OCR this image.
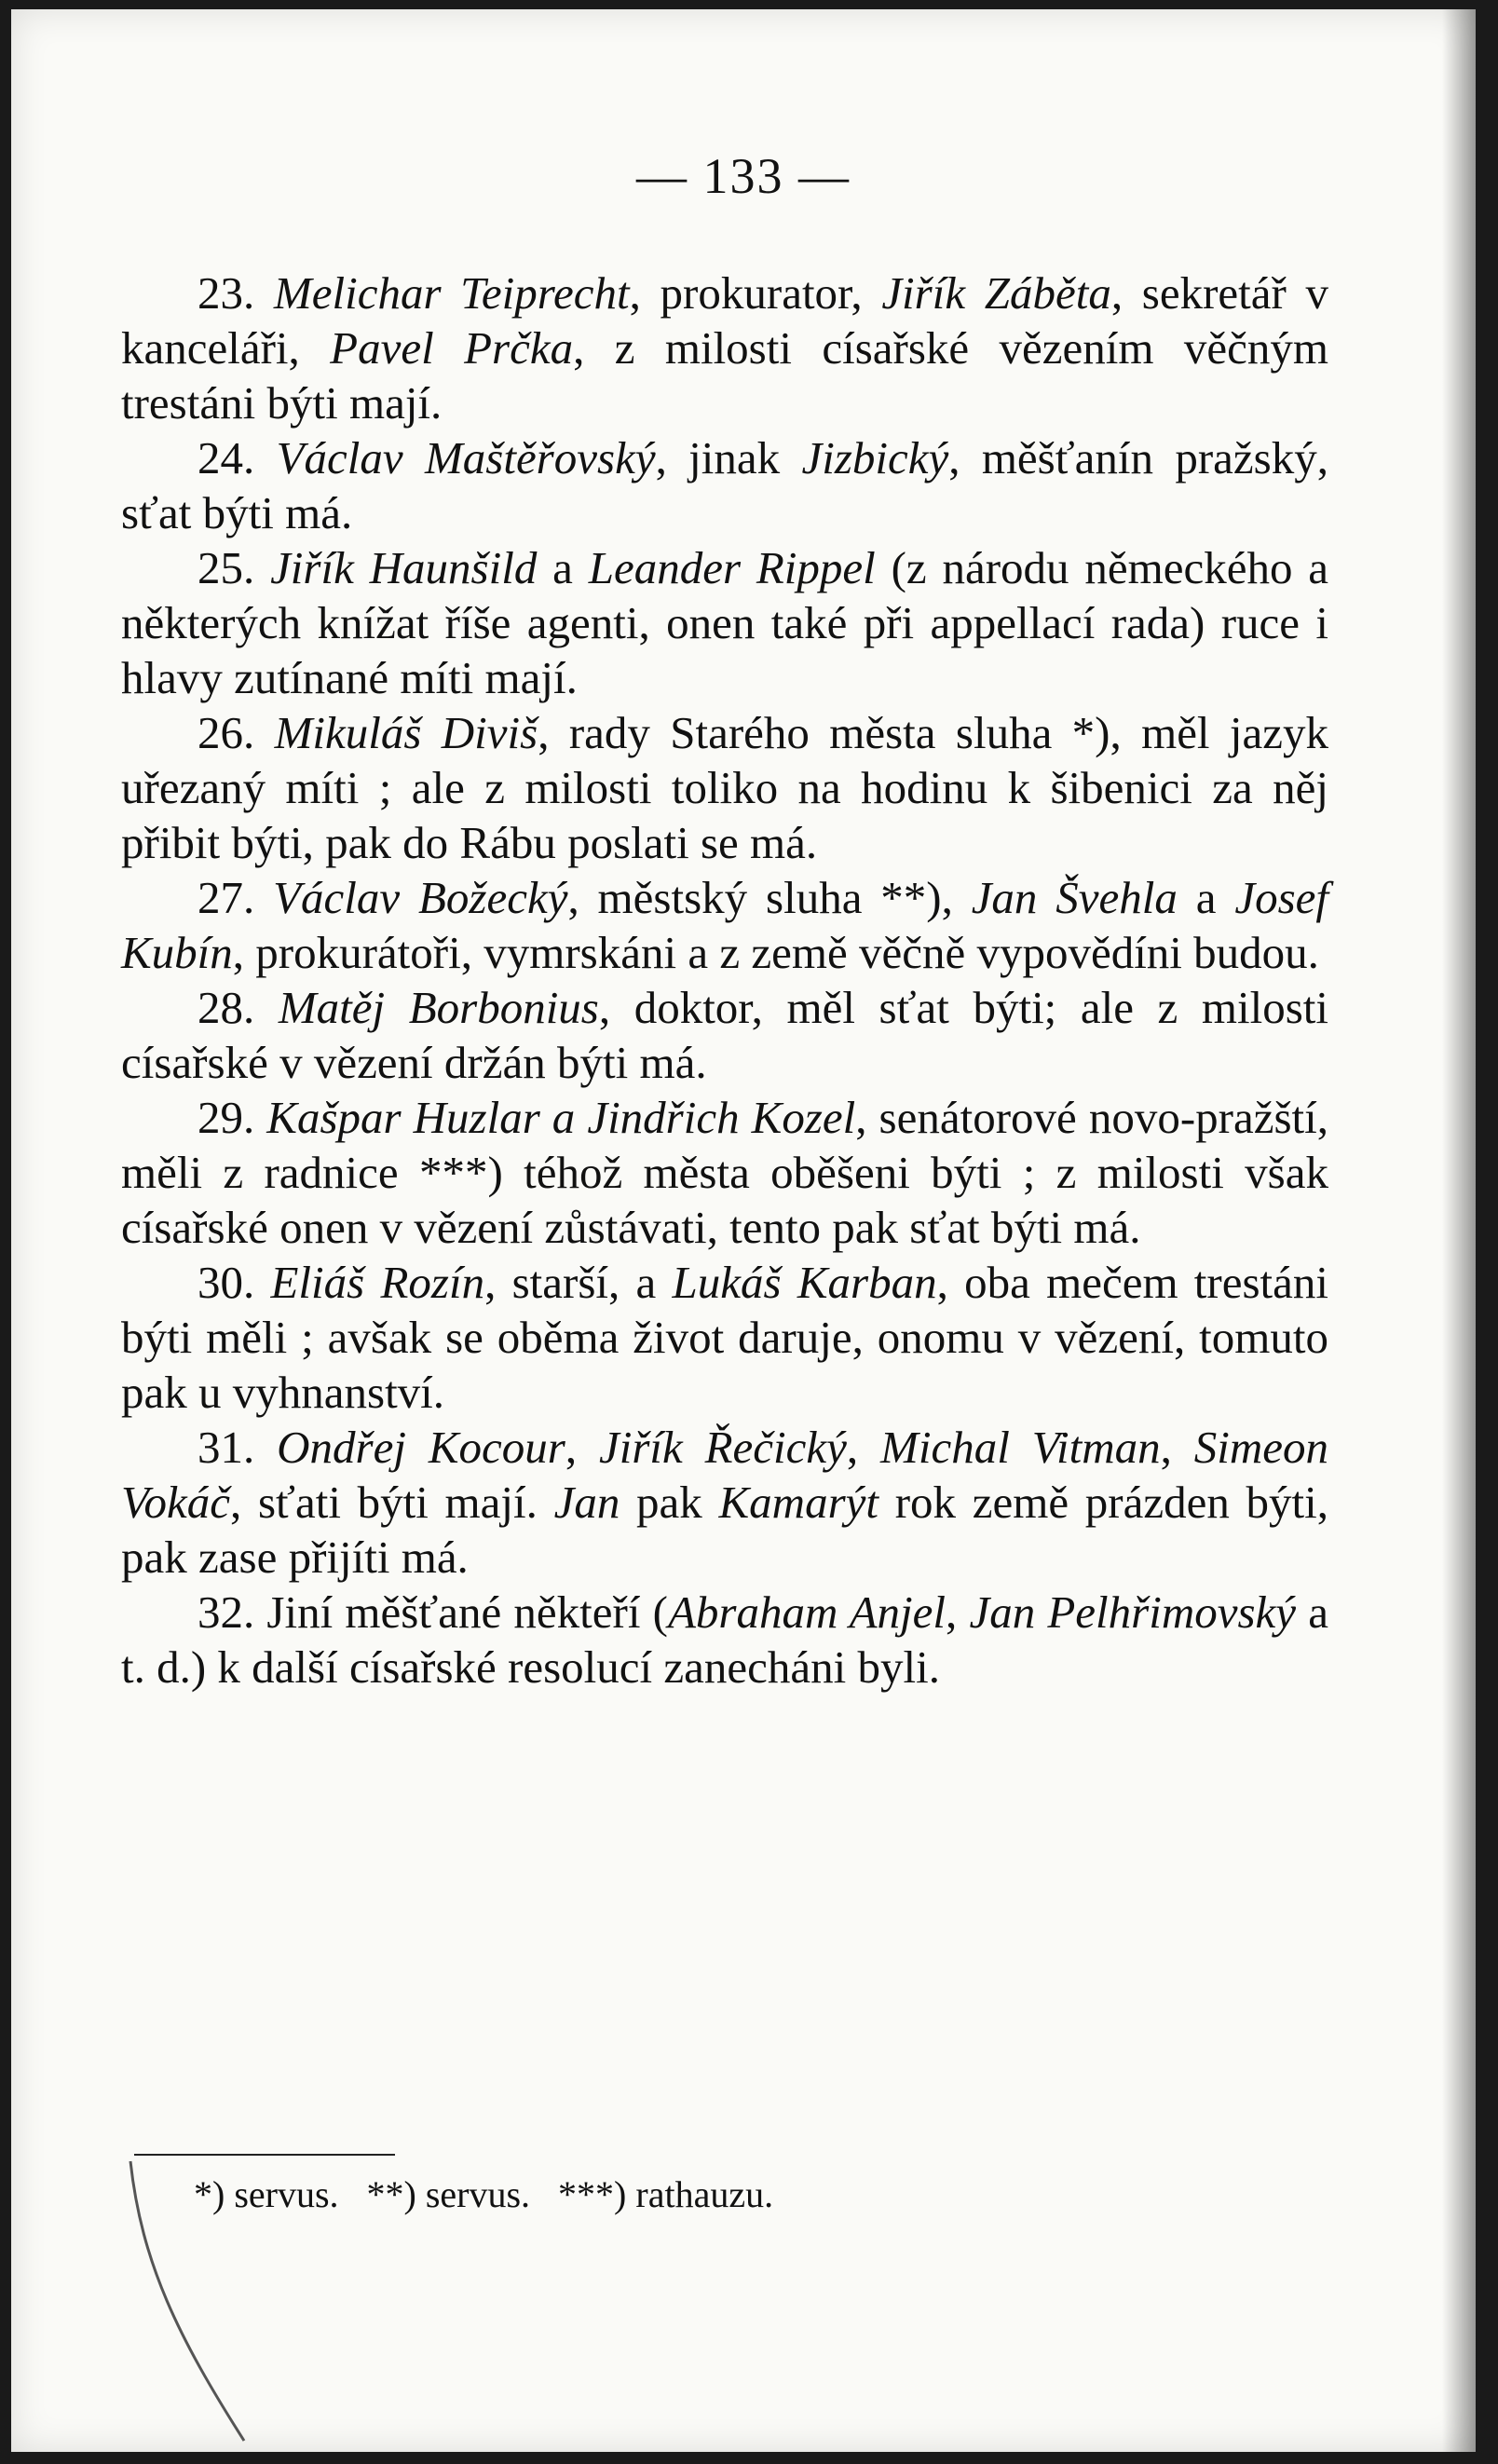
— 133 —

23. Melichar Teiprecht, prokurator, Jiřík Záběta, sekretář v kanceláři, Pavel Prčka, z milosti císařské vězením věčným trestáni býti mají.

24. Václav Maštěřovský, jinak Jizbický, měšťanín pražský, sťat býti má.

25. Jiřík Haunšild a Leander Rippel (z národu německého a některých knížat říše agenti, onen také při appellací rada) ruce i hlavy zutínané míti mají.

26. Mikuláš Diviš, rady Starého města sluha *), měl jazyk uřezaný míti ; ale z milosti toliko na hodinu k šibenici za něj přibit býti, pak do Rábu poslati se má.

27. Václav Božecký, městský sluha **), Jan Švehla a Josef Kubín, prokurátoři, vymrskáni a z země věčně vypovědíni budou.

28. Matěj Borbonius, doktor, měl sťat býti; ale z milosti císařské v vězení držán býti má.

29. Kašpar Huzlar a Jindřich Kozel, senátorové novo-pražští, měli z radnice ***) téhož města oběšeni býti ; z milosti však císařské onen v vězení zůstávati, tento pak sťat býti má.

30. Eliáš Rozín, starší, a Lukáš Karban, oba mečem trestáni býti měli ; avšak se oběma život daruje, onomu v vězení, tomuto pak u vyhnanství.

31. Ondřej Kocour, Jiřík Řečický, Michal Vitman, Simeon Vokáč, sťati býti mají. Jan pak Kamarýt rok země prázden býti, pak zase přijíti má.

32. Jiní měšťané někteří (Abraham Anjel, Jan Pelhřimovský a t. d.) k další císařské resolucí zanecháni byli.

*) servus.   **) servus.   ***) rathauzu.
